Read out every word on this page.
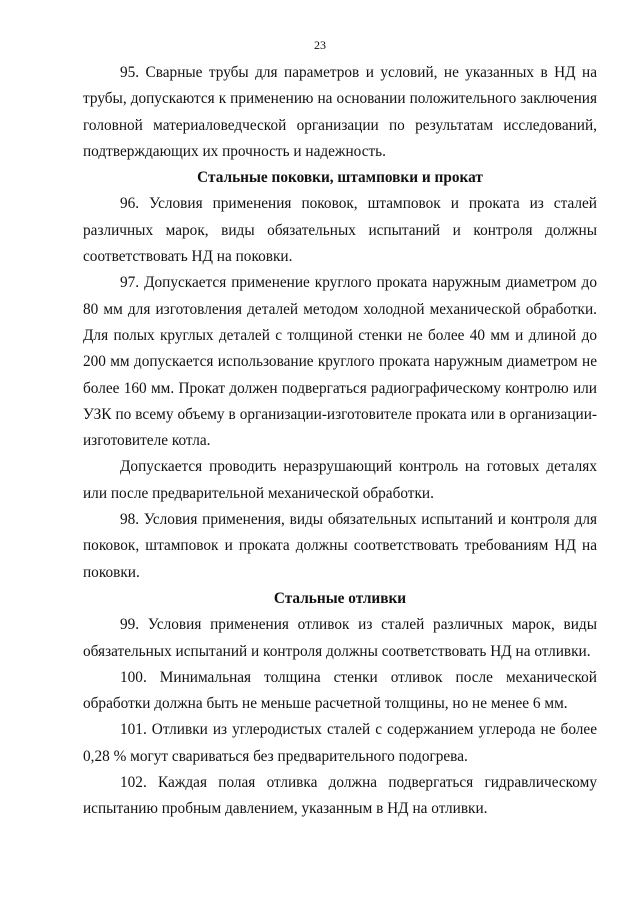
23

95. Сварные трубы для параметров и условий, не указанных в НД на трубы, допускаются к применению на основании положительного заключения головной материаловедческой организации по результатам исследований, подтверждающих их прочность и надежность.

Стальные поковки, штамповки и прокат

96. Условия применения поковок, штамповок и проката из сталей различных марок, виды обязательных испытаний и контроля должны соответствовать НД на поковки.

97. Допускается применение круглого проката наружным диаметром до 80 мм для изготовления деталей методом холодной механической обработки. Для полых круглых деталей с толщиной стенки не более 40 мм и длиной до 200 мм допускается использование круглого проката наружным диаметром не более 160 мм. Прокат должен подвергаться радиографическому контролю или УЗК по всему объему в организации-изготовителе проката или в организации-изготовителе котла.

Допускается проводить неразрушающий контроль на готовых деталях или после предварительной механической обработки.

98. Условия применения, виды обязательных испытаний и контроля для поковок, штамповок и проката должны соответствовать требованиям НД на поковки.

Стальные отливки

99. Условия применения отливок из сталей различных марок, виды обязательных испытаний и контроля должны соответствовать НД на отливки.

100. Минимальная толщина стенки отливок после механической обработки должна быть не меньше расчетной толщины, но не менее 6 мм.

101. Отливки из углеродистых сталей с содержанием углерода не более 0,28 % могут свариваться без предварительного подогрева.

102. Каждая полая отливка должна подвергаться гидравлическому испытанию пробным давлением, указанным в НД на отливки.
